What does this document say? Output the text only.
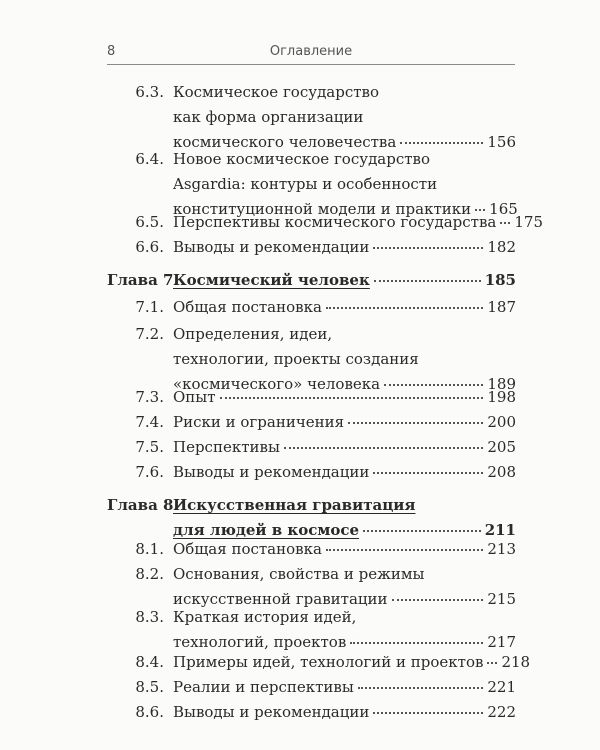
8	Оглавление
6.3. Космическое государство
как форма организации
космического человечества	156
6.4. Новое космическое государство
Asgardia: контуры и особенности
конституционной модели и практики 165
6.5. Перспективы космического государства 175
6.6. Выводы и рекомендации	182
Глава 7.
Космический человек	185
7.1. Общая постановка	187
7.2. Определения, идеи,
технологии, проекты создания
«космического» человека	189
7.3. Опыт	198
7.4. Риски и ограничения	200
7.5. Перспективы	205
7.6. Выводы и рекомендации	208
Глава 8.
Искусственная гравитация
для людей в космосе	211
8.1. Общая постановка	213
8.2. Основания, свойства и режимы
искусственной гравитации	215
8.3. Краткая история идей,
технологий, проектов	217
8.4. Примеры идей, технологий и проектов 218
8.5. Реалии и перспективы	221
8.6. Выводы и рекомендации	222
